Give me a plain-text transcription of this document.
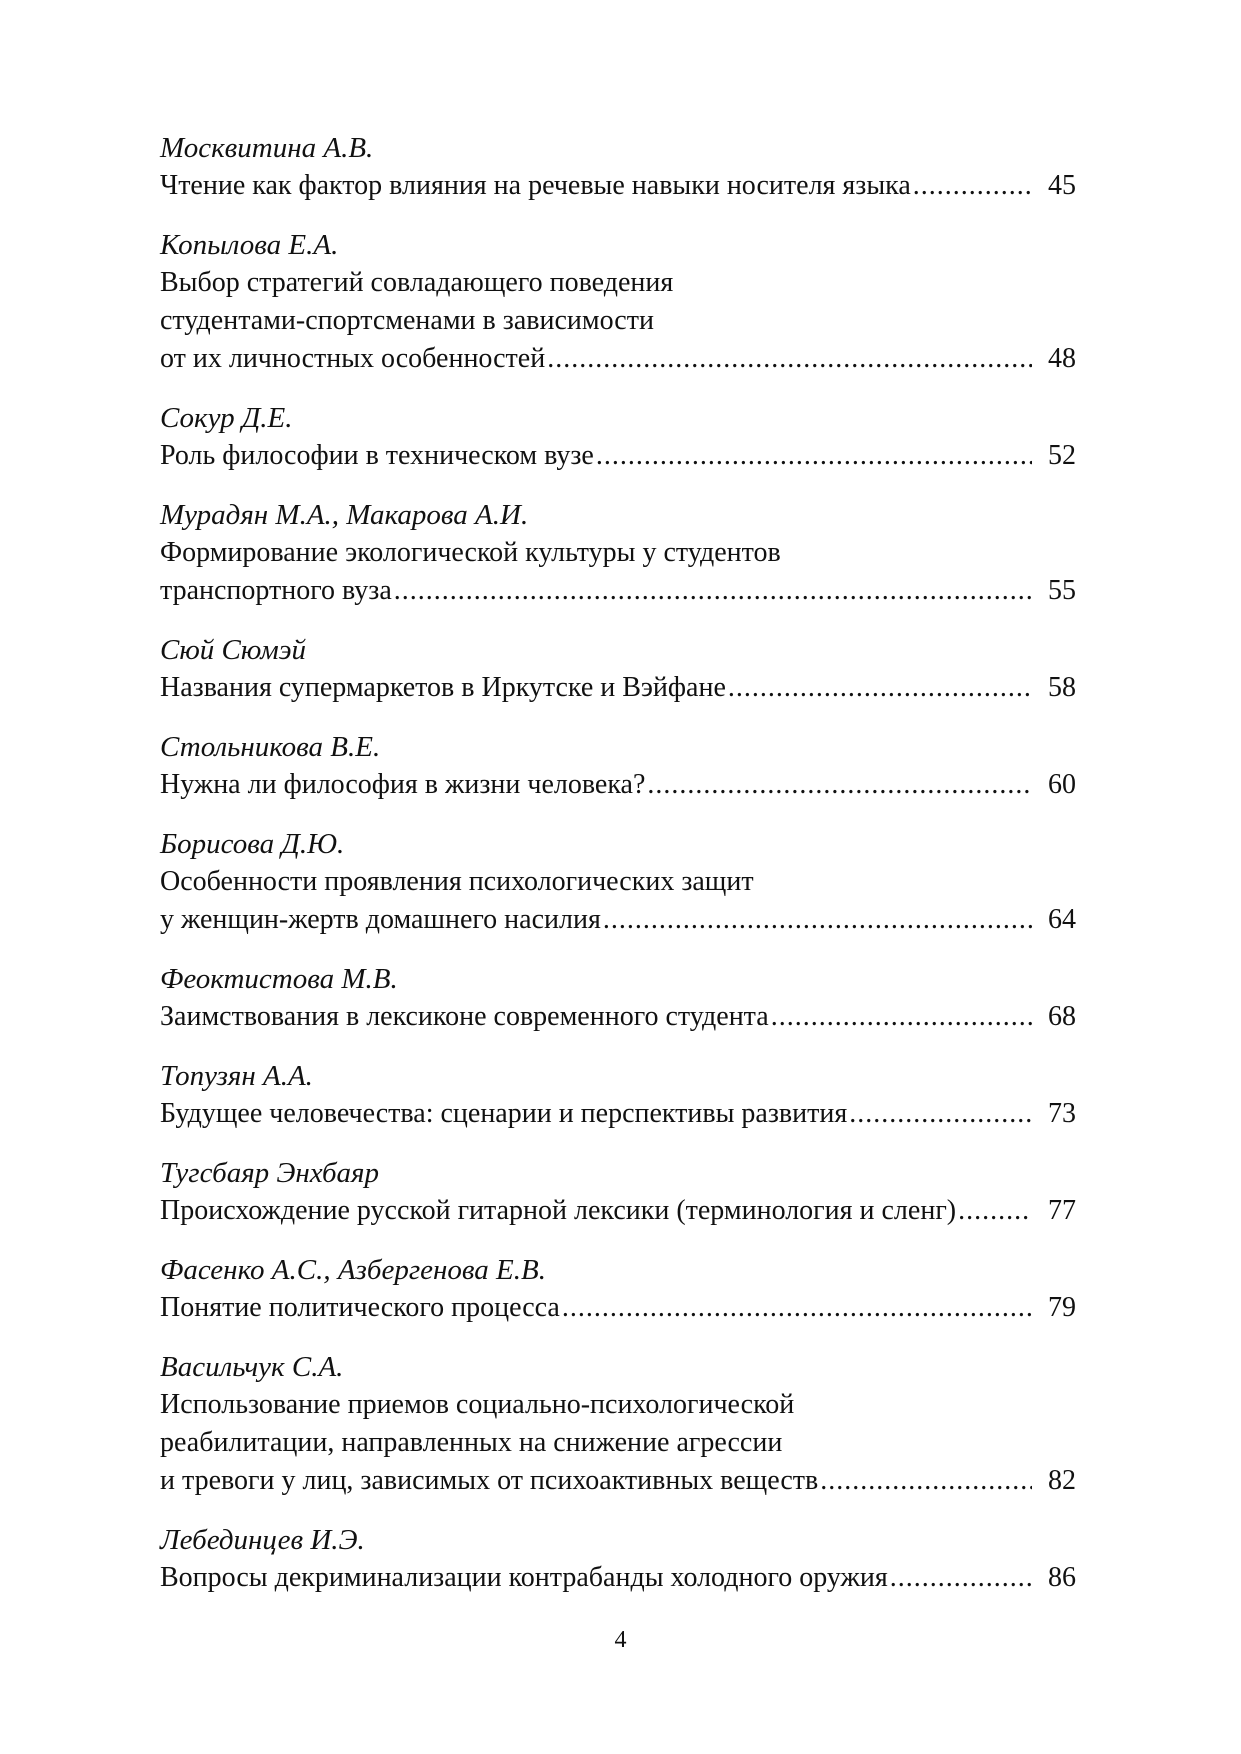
Москвитина А.В.
Чтение как фактор влияния на речевые навыки носителя языка .....	45
Копылова Е.А.
Выбор стратегий совладающего поведения
студентами-спортсменами в зависимости
от их личностных особенностей .....	48
Сокур Д.Е.
Роль философии в техническом вузе .....	52
Мурадян М.А., Макарова А.И.
Формирование экологической культуры у студентов
транспортного вуза .....	55
Сюй Сюмэй
Названия супермаркетов в Иркутске и Вэйфане .....	58
Стольникова В.Е.
Нужна ли философия в жизни человека? .....	60
Борисова Д.Ю.
Особенности проявления психологических защит
у женщин-жертв домашнего насилия .....	64
Феоктистова М.В.
Заимствования в лексиконе современного студента .....	68
Топузян А.А.
Будущее человечества: сценарии и перспективы развития .....	73
Тугсбаяр Энхбаяр
Происхождение русской гитарной лексики (терминология и сленг) .....	77
Фасенко А.С., Азбергенова Е.В.
Понятие политического процесса .....	79
Васильчук С.А.
Использование приемов социально-психологической
реабилитации, направленных на снижение агрессии
и тревоги у лиц, зависимых от психоактивных веществ .....	82
Лебединцев И.Э.
Вопросы декриминализации контрабанды холодного оружия .....	86
4
